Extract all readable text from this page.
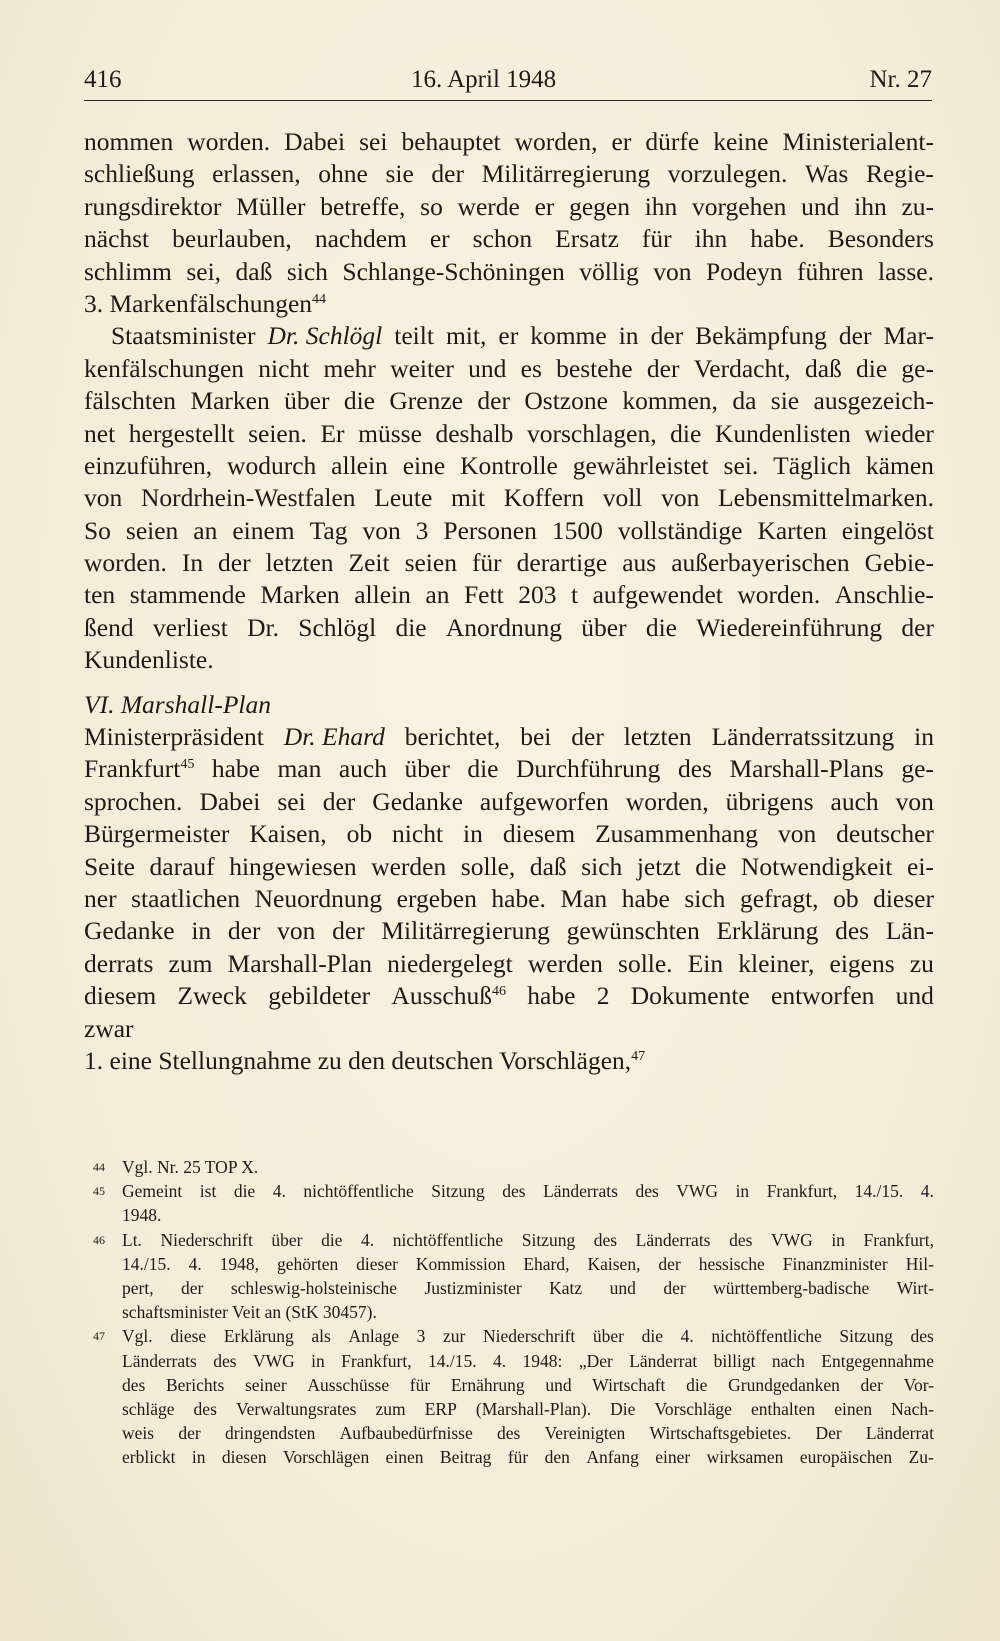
416	16. April 1948	Nr. 27
nommen worden. Dabei sei behauptet worden, er dürfe keine Ministerialent-
schließung erlassen, ohne sie der Militärregierung vorzulegen. Was Regie-
rungsdirektor Müller betreffe, so werde er gegen ihn vorgehen und ihn zu-
nächst beurlauben, nachdem er schon Ersatz für ihn habe. Besonders
schlimm sei, daß sich Schlange-Schöningen völlig von Podeyn führen lasse.
3. Markenfälschungen$^{44}$
Staatsminister Dr. Schlögl teilt mit, er komme in der Bekämpfung der Mar-
kenfälschungen nicht mehr weiter und es bestehe der Verdacht, daß die ge-
fälschten Marken über die Grenze der Ostzone kommen, da sie ausgezeich-
net hergestellt seien. Er müsse deshalb vorschlagen, die Kundenlisten wieder
einzuführen, wodurch allein eine Kontrolle gewährleistet sei. Täglich kämen
von Nordrhein-Westfalen Leute mit Koffern voll von Lebensmittelmarken.
So seien an einem Tag von 3 Personen 1500 vollständige Karten eingelöst
worden. In der letzten Zeit seien für derartige aus außerbayerischen Gebie-
ten stammende Marken allein an Fett 203 t aufgewendet worden. Anschlie-
ßend verliest Dr. Schlögl die Anordnung über die Wiedereinführung der
Kundenliste.
VI. Marshall-Plan
Ministerpräsident Dr. Ehard berichtet, bei der letzten Länderratssitzung in
Frankfurt$^{45}$ habe man auch über die Durchführung des Marshall-Plans ge-
sprochen. Dabei sei der Gedanke aufgeworfen worden, übrigens auch von
Bürgermeister Kaisen, ob nicht in diesem Zusammenhang von deutscher
Seite darauf hingewiesen werden solle, daß sich jetzt die Notwendigkeit ei-
ner staatlichen Neuordnung ergeben habe. Man habe sich gefragt, ob dieser
Gedanke in der von der Militärregierung gewünschten Erklärung des Län-
derrats zum Marshall-Plan niedergelegt werden solle. Ein kleiner, eigens zu
diesem Zweck gebildeter Ausschuß$^{46}$ habe 2 Dokumente entworfen und
zwar
1. eine Stellungnahme zu den deutschen Vorschlägen,$^{47}$
44 Vgl. Nr. 25 TOP X.
45 Gemeint ist die 4. nichtöffentliche Sitzung des Länderrats des VWG in Frankfurt, 14./15. 4.
1948.
46 Lt. Niederschrift über die 4. nichtöffentliche Sitzung des Länderrats des VWG in Frankfurt,
14./15. 4. 1948, gehörten dieser Kommission Ehard, Kaisen, der hessische Finanzminister Hil-
pert, der schleswig-holsteinische Justizminister Katz und der württemberg-badische Wirt-
schaftsminister Veit an (StK 30457).
47 Vgl. diese Erklärung als Anlage 3 zur Niederschrift über die 4. nichtöffentliche Sitzung des
Länderrats des VWG in Frankfurt, 14./15. 4. 1948: „Der Länderrat billigt nach Entgegennahme
des Berichts seiner Ausschüsse für Ernährung und Wirtschaft die Grundgedanken der Vor-
schläge des Verwaltungsrates zum ERP (Marshall-Plan). Die Vorschläge enthalten einen Nach-
weis der dringendsten Aufbaubedürfnisse des Vereinigten Wirtschaftsgebietes. Der Länderrat
erblickt in diesen Vorschlägen einen Beitrag für den Anfang einer wirksamen europäischen Zu-
